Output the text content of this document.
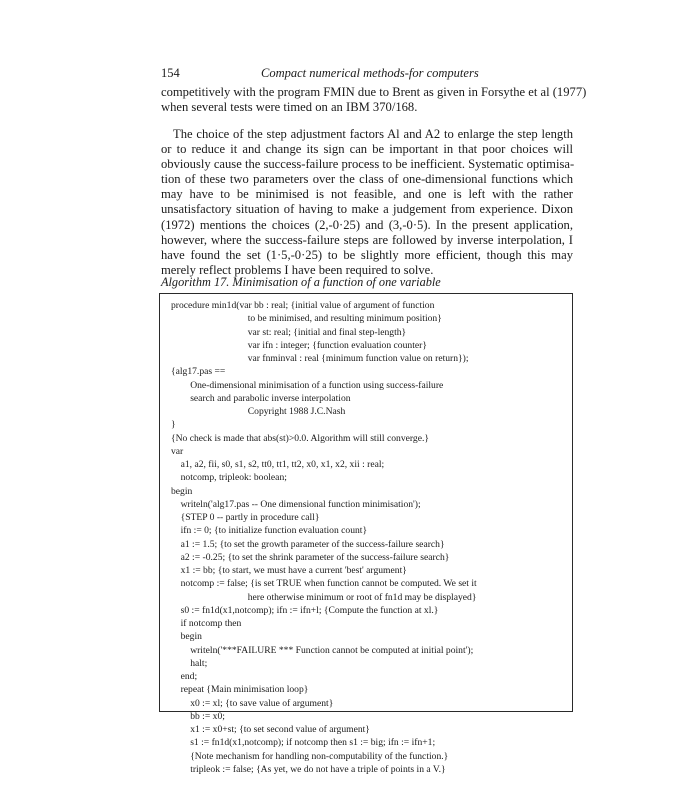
154	Compact numerical methods-for computers
competitively with the program FMIN due to Brent as given in Forsythe et al (1977)
when several tests were timed on an IBM 370/168.
The choice of the step adjustment factors Al and A2 to enlarge the step length
or to reduce it and change its sign can be important in that poor choices will
obviously cause the success-failure process to be inefficient. Systematic optimisa-
tion of these two parameters over the class of one-dimensional functions which
may have to be minimised is not feasible, and one is left with the rather
unsatisfactory situation of having to make a judgement from experience. Dixon
(1972) mentions the choices (2,-0·25) and (3,-0·5). In the present application,
however, where the success-failure steps are followed by inverse interpolation, I
have found the set (1·5,-0·25) to be slightly more efficient, though this may
merely reflect problems I have been required to solve.
Algorithm 17. Minimisation of a function of one variable
procedure min1d(var bb : real; {initial value of argument of function
to be minimised, and resulting minimum position}
var st: real; {initial and final step-length}
var ifn : integer; {function evaluation counter}
var fnminval : real {minimum function value on return});
{alg17.pas ==
One-dimensional minimisation of a function using success-failure
search and parabolic inverse interpolation
Copyright 1988 J.C.Nash
}
{No check is made that abs(st)>0.0. Algorithm will still converge.}
var
a1, a2, fii, s0, s1, s2, tt0, tt1, tt2, x0, x1, x2, xii : real;
notcomp, tripleok: boolean;
begin
writeln('alg17.pas -- One dimensional function minimisation');
{STEP 0 -- partly in procedure call}
ifn := 0; {to initialize function evaluation count}
a1 := 1.5; {to set the growth parameter of the success-failure search}
a2 := -0.25; {to set the shrink parameter of the success-failure search}
x1 := bb; {to start, we must have a current 'best' argument}
notcomp := false; {is set TRUE when function cannot be computed. We set it
here otherwise minimum or root of fn1d may be displayed}
s0 := fn1d(x1,notcomp); ifn := ifn+l; {Compute the function at xl.}
if notcomp then
begin
writeln('***FAILURE *** Function cannot be computed at initial point');
halt;
end;
repeat {Main minimisation loop}
x0 := xl; {to save value of argument}
bb := x0;
x1 := x0+st; {to set second value of argument}
s1 := fn1d(x1,notcomp); if notcomp then s1 := big; ifn := ifn+1;
{Note mechanism for handling non-computability of the function.}
tripleok := false; {As yet, we do not have a triple of points in a V.}
